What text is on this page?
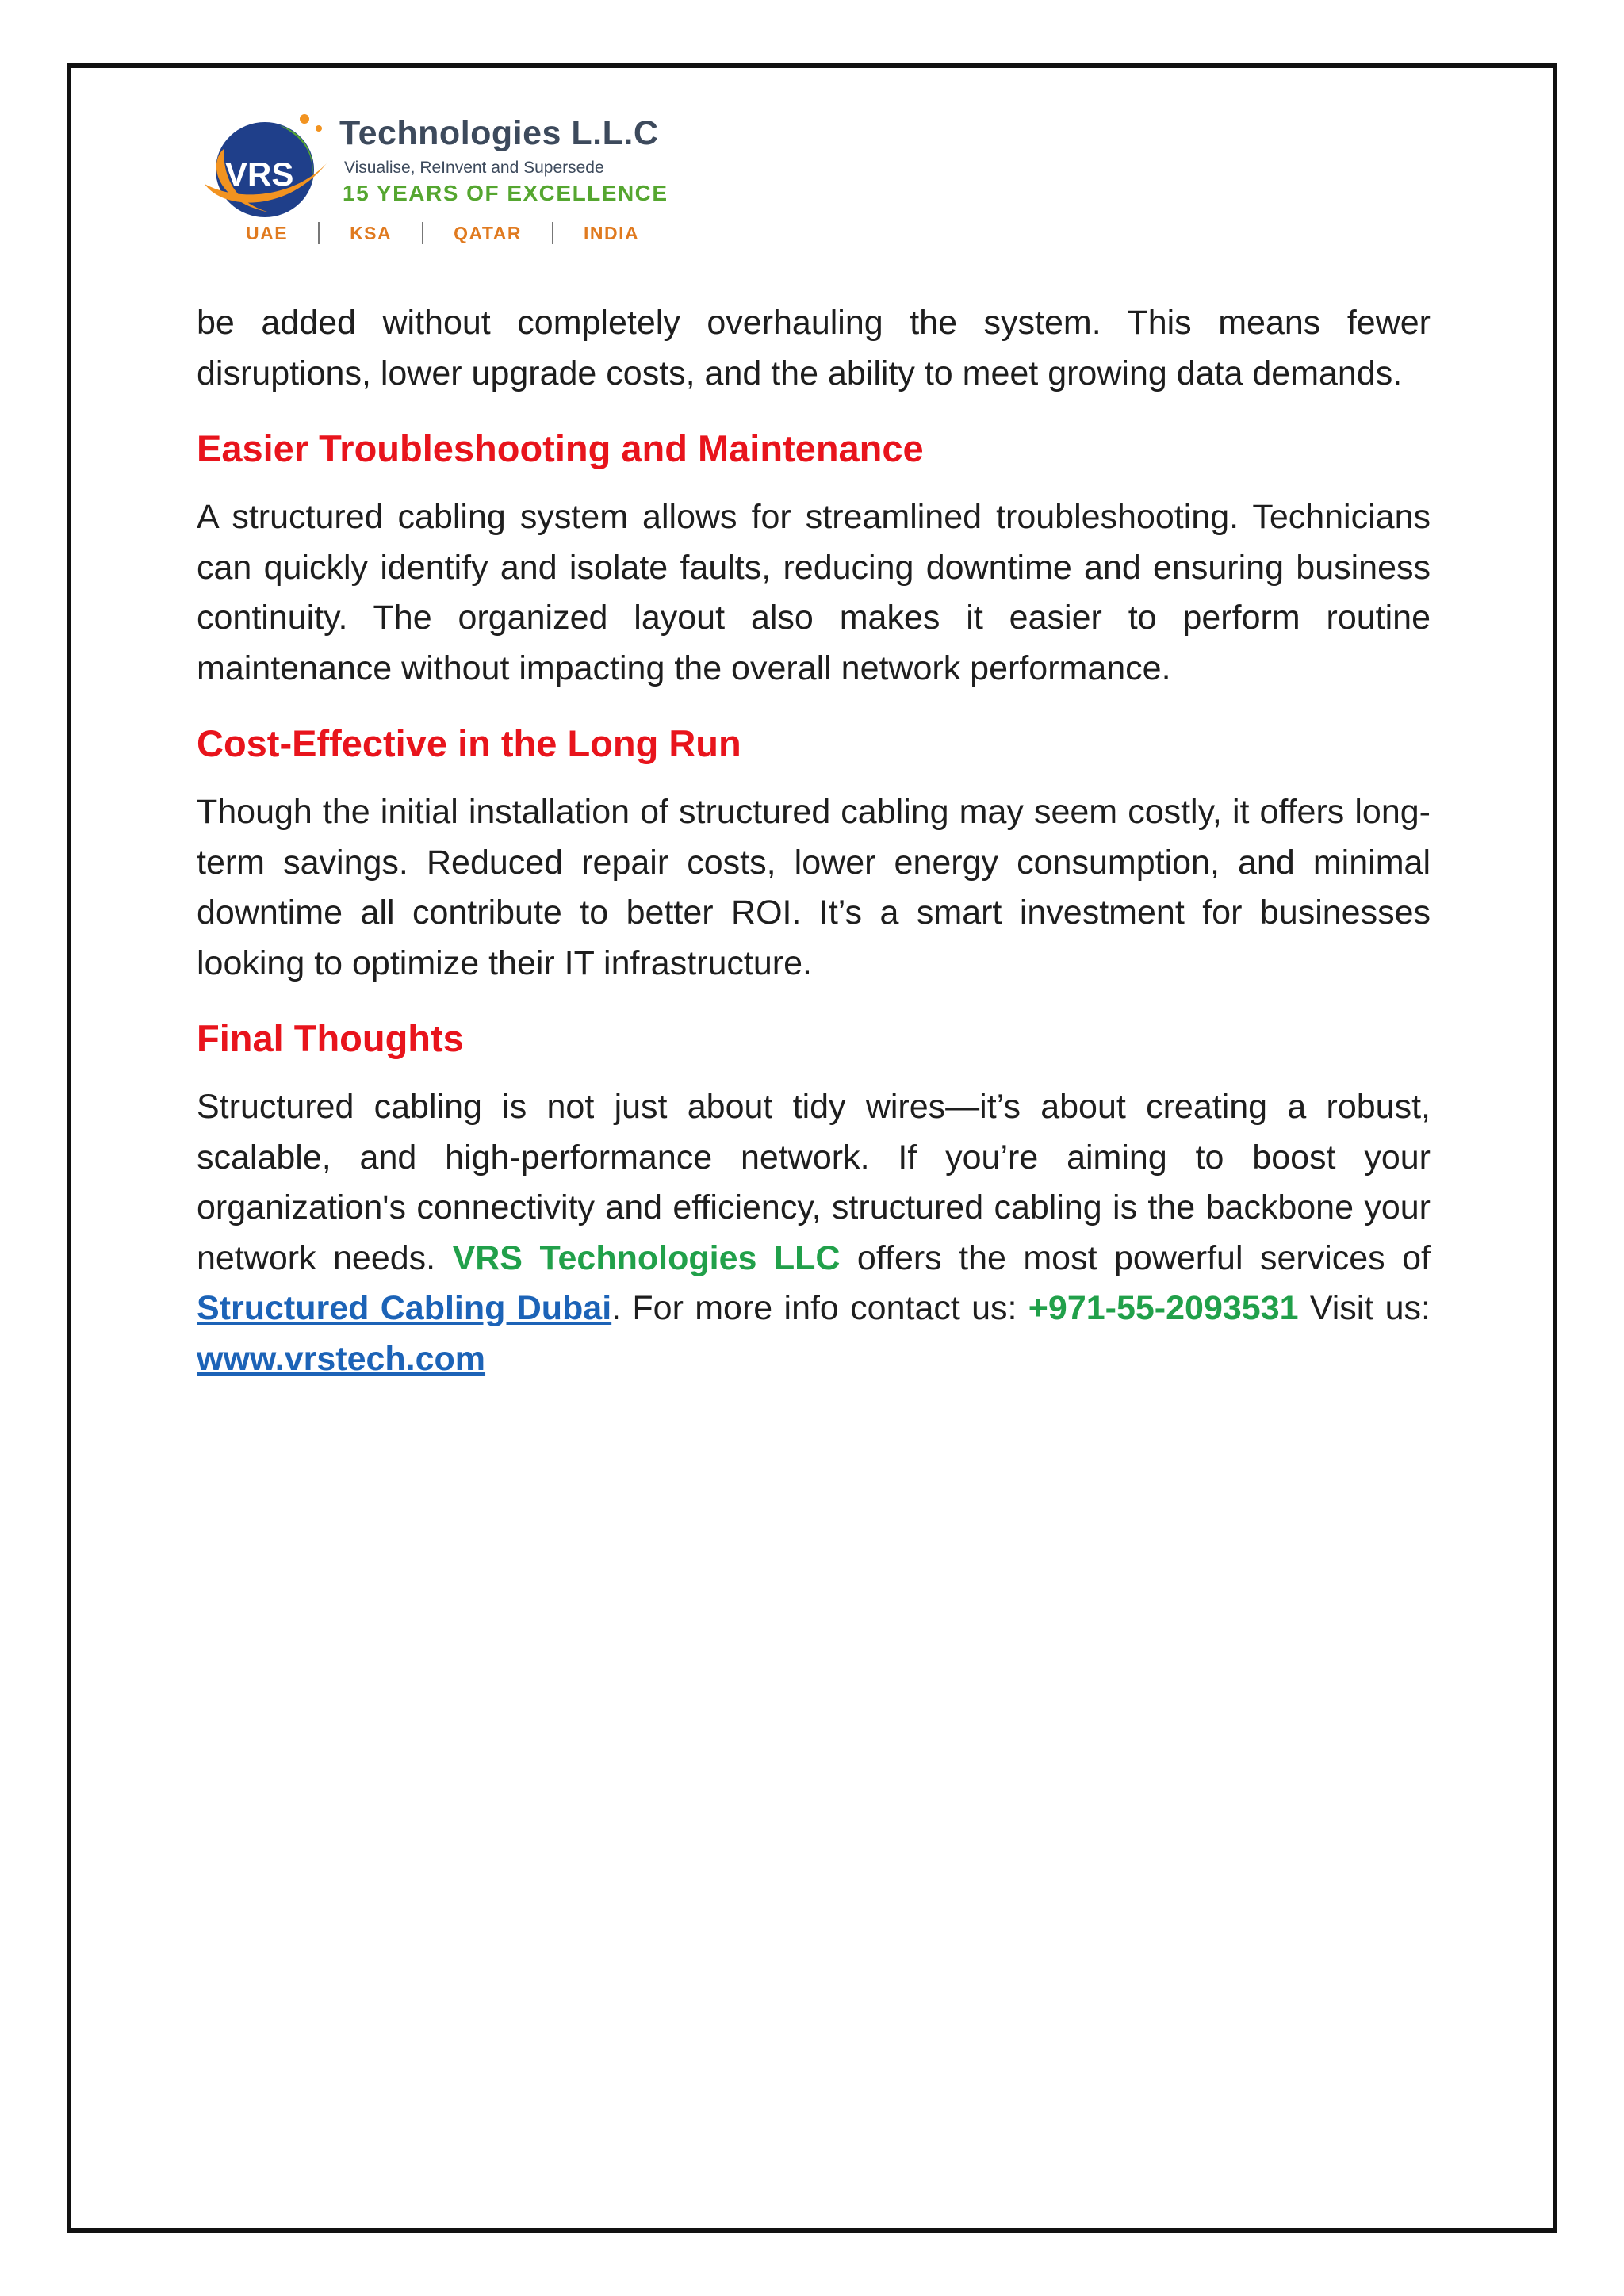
VRS
Technologies L.L.C
Visualise, ReInvent and Supersede
15 YEARS OF EXCELLENCE
UAE	KSA	QATAR	INDIA

be added without completely overhauling the system. This means fewer disruptions, lower upgrade costs, and the ability to meet growing data demands.

Easier Troubleshooting and Maintenance

A structured cabling system allows for streamlined troubleshooting. Technicians can quickly identify and isolate faults, reducing downtime and ensuring business continuity. The organized layout also makes it easier to perform routine maintenance without impacting the overall network performance.

Cost-Effective in the Long Run

Though the initial installation of structured cabling may seem costly, it offers long-term savings. Reduced repair costs, lower energy consumption, and minimal downtime all contribute to better ROI. It’s a smart investment for businesses looking to optimize their IT infrastructure.

Final Thoughts

Structured cabling is not just about tidy wires—it’s about creating a robust, scalable, and high-performance network. If you’re aiming to boost your organization's connectivity and efficiency, structured cabling is the backbone your network needs. VRS Technologies LLC offers the most powerful services of Structured Cabling Dubai. For more info contact us: +971-55-2093531 Visit us: www.vrstech.com
